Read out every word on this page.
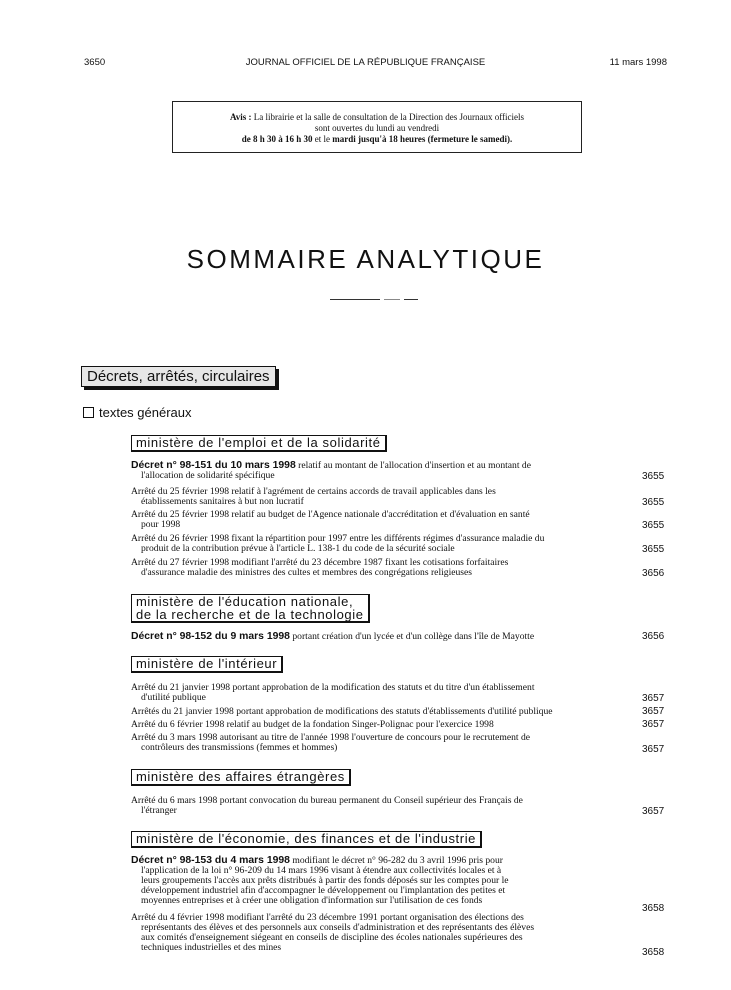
3650	JOURNAL OFFICIEL DE LA RÉPUBLIQUE FRANÇAISE	11 mars 1998
Avis : La librairie et la salle de consultation de la Direction des Journaux officiels
sont ouvertes du lundi au vendredi
de 8 h 30 à 16 h 30 et le mardi jusqu'à 18 heures (fermeture le samedi).
SOMMAIRE ANALYTIQUE
Décrets, arrêtés, circulaires
textes généraux
ministère de l'emploi et de la solidarité
Décret n° 98-151 du 10 mars 1998 relatif au montant de l'allocation d'insertion et au montant de
l'allocation de solidarité spécifique	3655
Arrêté du 25 février 1998 relatif à l'agrément de certains accords de travail applicables dans les
établissements sanitaires à but non lucratif	3655
Arrêté du 25 février 1998 relatif au budget de l'Agence nationale d'accréditation et d'évaluation en santé
pour 1998	3655
Arrêté du 26 février 1998 fixant la répartition pour 1997 entre les différents régimes d'assurance maladie du
produit de la contribution prévue à l'article L. 138-1 du code de la sécurité sociale	3655
Arrêté du 27 février 1998 modifiant l'arrêté du 23 décembre 1987 fixant les cotisations forfaitaires
d'assurance maladie des ministres des cultes et membres des congrégations religieuses	3656
ministère de l'éducation nationale,
de la recherche et de la technologie
Décret n° 98-152 du 9 mars 1998 portant création d'un lycée et d'un collège dans l'île de Mayotte	3656
ministère de l'intérieur
Arrêté du 21 janvier 1998 portant approbation de la modification des statuts et du titre d'un établissement
d'utilité publique	3657
Arrêtés du 21 janvier 1998 portant approbation de modifications des statuts d'établissements d'utilité publique	3657
Arrêté du 6 février 1998 relatif au budget de la fondation Singer-Polignac pour l'exercice 1998	3657
Arrêté du 3 mars 1998 autorisant au titre de l'année 1998 l'ouverture de concours pour le recrutement de
contrôleurs des transmissions (femmes et hommes)	3657
ministère des affaires étrangères
Arrêté du 6 mars 1998 portant convocation du bureau permanent du Conseil supérieur des Français de
l'étranger	3657
ministère de l'économie, des finances et de l'industrie
Décret n° 98-153 du 4 mars 1998 modifiant le décret n° 96-282 du 3 avril 1996 pris pour
l'application de la loi n° 96-209 du 14 mars 1996 visant à étendre aux collectivités locales et à
leurs groupements l'accès aux prêts distribués à partir des fonds déposés sur les comptes pour le
développement industriel afin d'accompagner le développement ou l'implantation des petites et
moyennes entreprises et à créer une obligation d'information sur l'utilisation de ces fonds
3658
Arrêté du 4 février 1998 modifiant l'arrêté du 23 décembre 1991 portant organisation des élections des
représentants des élèves et des personnels aux conseils d'administration et des représentants des élèves
aux comités d'enseignement siégeant en conseils de discipline des écoles nationales supérieures des
techniques industrielles et des mines	3658
